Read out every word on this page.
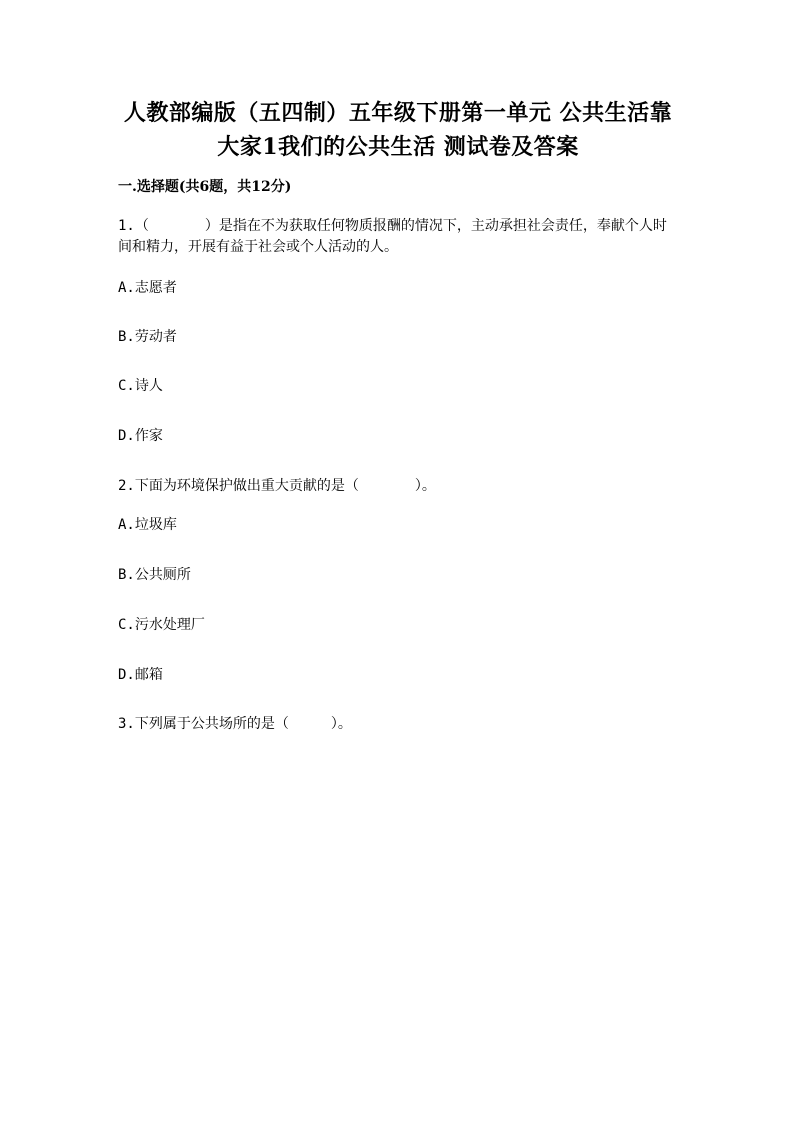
人教部编版（五四制）五年级下册第一单元 公共生活靠大家1我们的公共生活 测试卷及答案
一.选择题(共6题，共12分)
1.（　　　　）是指在不为获取任何物质报酬的情况下，主动承担社会责任，奉献个人时间和精力，开展有益于社会或个人活动的人。
A.志愿者
B.劳动者
C.诗人
D.作家
2.下面为环境保护做出重大贡献的是（　　　　）。
A.垃圾库
B.公共厕所
C.污水处理厂
D.邮箱
3.下列属于公共场所的是（　　　）。
